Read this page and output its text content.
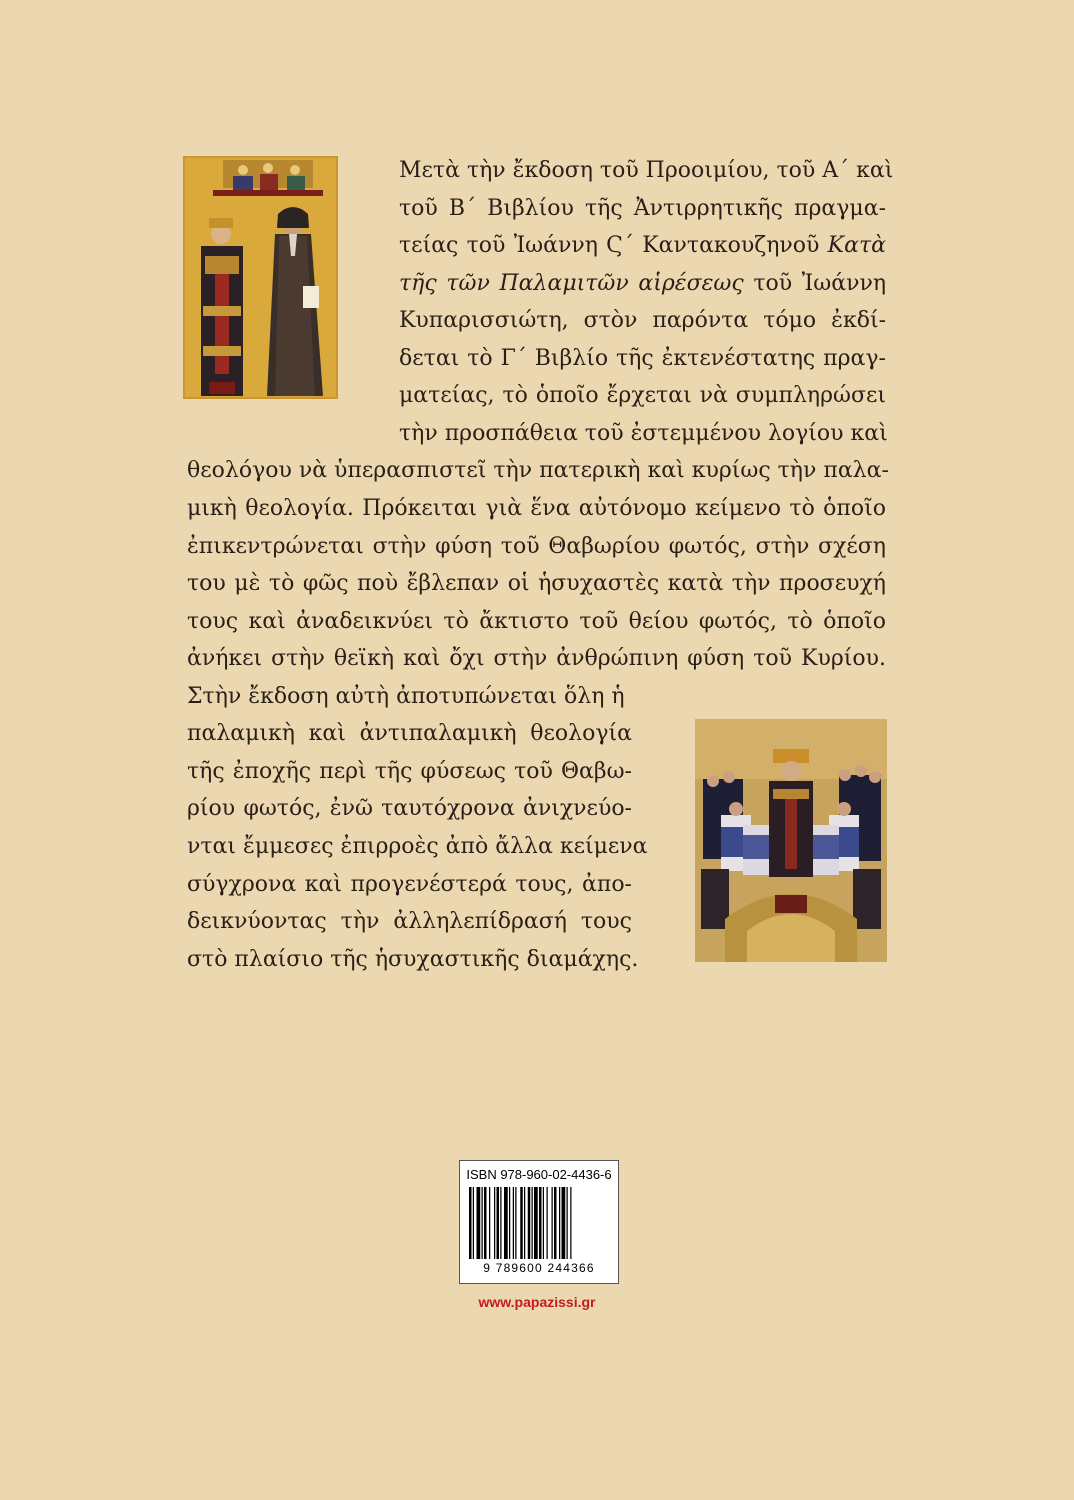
Μετὰ τὴν ἔκδοση τοῦ Προοιμίου, τοῦ Α΄ καὶ
τοῦ Β΄ Βιβλίου τῆς Ἀντιρρητικῆς πραγμα-
τείας τοῦ Ἰωάννη Ϛ΄ Καντακουζηνοῦ Κατὰ
τῆς τῶν Παλαμιτῶν αἱρέσεως τοῦ Ἰωάννη
Κυπαρισσιώτη, στὸν παρόντα τόμο ἐκδί-
δεται τὸ Γ΄ Βιβλίο τῆς ἐκτενέστατης πραγ-
ματείας, τὸ ὁποῖο ἔρχεται νὰ συμπληρώσει
τὴν προσπάθεια τοῦ ἐστεμμένου λογίου καὶ
θεολόγου νὰ ὑπερασπιστεῖ τὴν πατερικὴ καὶ κυρίως τὴν παλα-
μικὴ θεολογία. Πρόκειται γιὰ ἕνα αὐτόνομο κείμενο τὸ ὁποῖο
ἐπικεντρώνεται στὴν φύση τοῦ Θαβωρίου φωτός, στὴν σχέση
του μὲ τὸ φῶς ποὺ ἔβλεπαν οἱ ἡσυχαστὲς κατὰ τὴν προσευχή
τους καὶ ἀναδεικνύει τὸ ἄκτιστο τοῦ θείου φωτός, τὸ ὁποῖο
ἀνήκει στὴν θεϊκὴ καὶ ὄχι στὴν ἀνθρώπινη φύση τοῦ Κυρίου.
Στὴν ἔκδοση αὐτὴ ἀποτυπώνεται ὅλη ἡ
παλαμικὴ καὶ ἀντιπαλαμικὴ θεολογία
τῆς ἐποχῆς περὶ τῆς φύσεως τοῦ Θαβω-
ρίου φωτός, ἐνῶ ταυτόχρονα ἀνιχνεύο-
νται ἔμμεσες ἐπιρροὲς ἀπὸ ἄλλα κείμενα
σύγχρονα καὶ προγενέστερά τους, ἀπο-
δεικνύοντας τὴν ἀλληλεπίδρασή τους
στὸ πλαίσιο τῆς ἡσυχαστικῆς διαμάχης.
ISBN 978-960-02-4436-6
9 789600 244366
www.papazissi.gr
